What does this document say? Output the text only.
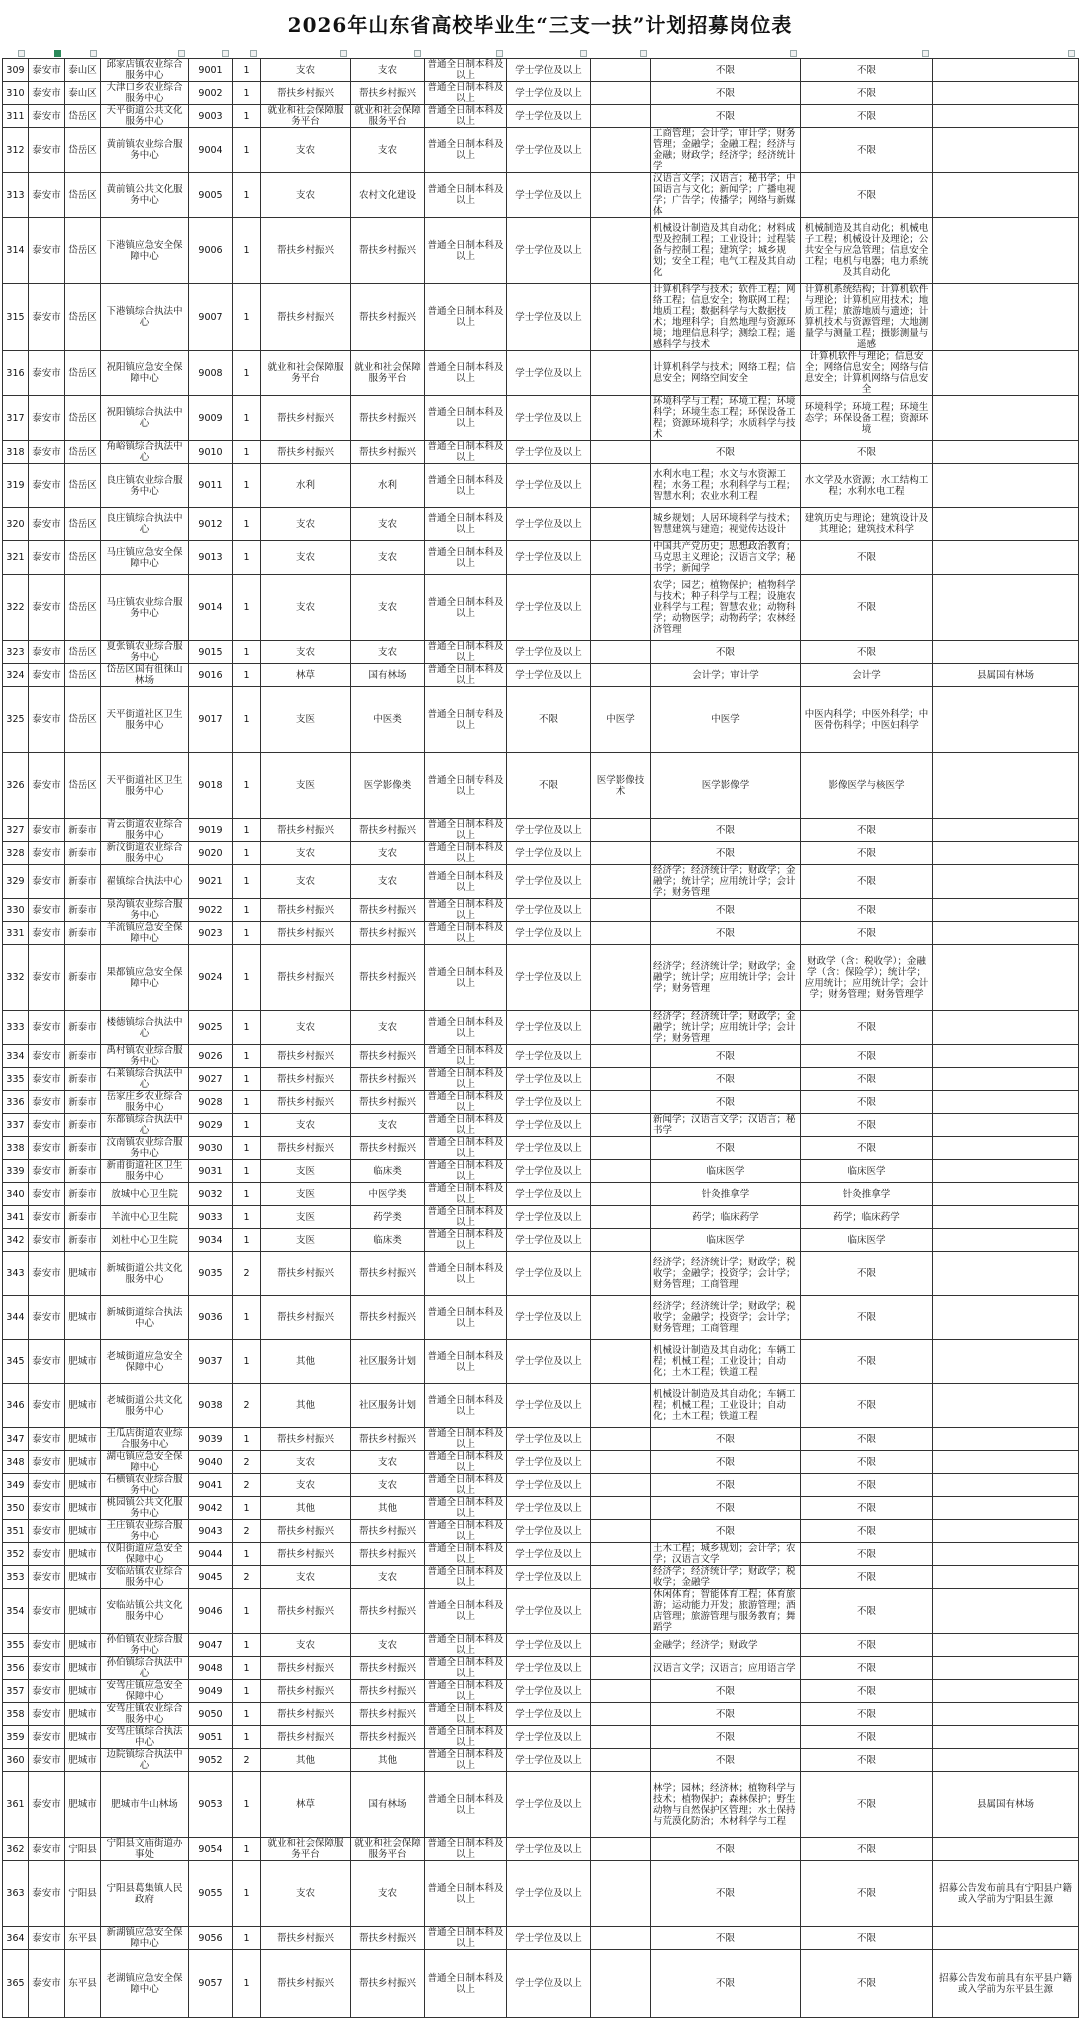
2026年山东省高校毕业生“三支一扶”计划招募岗位表
309	泰安市	泰山区	邱家店镇农业综合服务中心	9001	1	支农	支农	普通全日制本科及以上	学士学位及以上		不限	不限	
310	泰安市	泰山区	大津口乡农业综合服务中心	9002	1	帮扶乡村振兴	帮扶乡村振兴	普通全日制本科及以上	学士学位及以上		不限	不限	
311	泰安市	岱岳区	天平街道公共文化服务中心	9003	1	就业和社会保障服务平台	就业和社会保障服务平台	普通全日制本科及以上	学士学位及以上		不限	不限	
312	泰安市	岱岳区	黄前镇农业综合服务中心	9004	1	支农	支农	普通全日制本科及以上	学士学位及以上		工商管理；会计学；审计学；财务管理；金融学；金融工程；经济与金融；财政学；经济学；经济统计学	不限	
313	泰安市	岱岳区	黄前镇公共文化服务中心	9005	1	支农	农村文化建设	普通全日制本科及以上	学士学位及以上		汉语言文学；汉语言；秘书学；中国语言与文化；新闻学；广播电视学；广告学；传播学；网络与新媒体	不限	
314	泰安市	岱岳区	下港镇应急安全保障中心	9006	1	帮扶乡村振兴	帮扶乡村振兴	普通全日制本科及以上	学士学位及以上		机械设计制造及其自动化；材料成型及控制工程；工业设计；过程装备与控制工程；建筑学；城乡规划；安全工程；电气工程及其自动化	机械制造及其自动化；机械电子工程；机械设计及理论；公共安全与应急管理；信息安全工程；电机与电器；电力系统及其自动化	
315	泰安市	岱岳区	下港镇综合执法中心	9007	1	帮扶乡村振兴	帮扶乡村振兴	普通全日制本科及以上	学士学位及以上		计算机科学与技术；软件工程；网络工程；信息安全；物联网工程；地质工程；数据科学与大数据技术；地理科学；自然地理与资源环境；地理信息科学；测绘工程；遥感科学与技术	计算机系统结构；计算机软件与理论；计算机应用技术；地质工程；旅游地质与遗迹；计算机技术与资源管理；大地测量学与测量工程；摄影测量与遥感	
316	泰安市	岱岳区	祝阳镇应急安全保障中心	9008	1	就业和社会保障服务平台	就业和社会保障服务平台	普通全日制本科及以上	学士学位及以上		计算机科学与技术；网络工程；信息安全；网络空间安全	计算机软件与理论；信息安全；网络信息安全；网络与信息安全；计算机网络与信息安全	
317	泰安市	岱岳区	祝阳镇综合执法中心	9009	1	帮扶乡村振兴	帮扶乡村振兴	普通全日制本科及以上	学士学位及以上		环境科学与工程；环境工程；环境科学；环境生态工程；环保设备工程；资源环境科学；水质科学与技术	环境科学；环境工程；环境生态学；环保设备工程；资源环境	
318	泰安市	岱岳区	角峪镇综合执法中心	9010	1	帮扶乡村振兴	帮扶乡村振兴	普通全日制本科及以上	学士学位及以上		不限	不限	
319	泰安市	岱岳区	良庄镇农业综合服务中心	9011	1	水利	水利	普通全日制本科及以上	学士学位及以上		水利水电工程；水文与水资源工程；水务工程；水利科学与工程；智慧水利；农业水利工程	水文学及水资源；水工结构工程；水利水电工程	
320	泰安市	岱岳区	良庄镇综合执法中心	9012	1	支农	支农	普通全日制本科及以上	学士学位及以上		城乡规划；人居环境科学与技术；智慧建筑与建造；视觉传达设计	建筑历史与理论；建筑设计及其理论；建筑技术科学	
321	泰安市	岱岳区	马庄镇应急安全保障中心	9013	1	支农	支农	普通全日制本科及以上	学士学位及以上		中国共产党历史；思想政治教育；马克思主义理论；汉语言文学；秘书学；新闻学	不限	
322	泰安市	岱岳区	马庄镇农业综合服务中心	9014	1	支农	支农	普通全日制本科及以上	学士学位及以上		农学；园艺；植物保护；植物科学与技术；种子科学与工程；设施农业科学与工程；智慧农业；动物科学；动物医学；动物药学；农林经济管理	不限	
323	泰安市	岱岳区	夏张镇农业综合服务中心	9015	1	支农	支农	普通全日制本科及以上	学士学位及以上		不限	不限	
324	泰安市	岱岳区	岱岳区国有徂徕山林场	9016	1	林草	国有林场	普通全日制本科及以上	学士学位及以上		会计学；审计学	会计学	县属国有林场
325	泰安市	岱岳区	天平街道社区卫生服务中心	9017	1	支医	中医类	普通全日制专科及以上	不限	中医学	中医学	中医内科学；中医外科学；中医骨伤科学；中医妇科学	
326	泰安市	岱岳区	天平街道社区卫生服务中心	9018	1	支医	医学影像类	普通全日制专科及以上	不限	医学影像技术	医学影像学	影像医学与核医学	
327	泰安市	新泰市	青云街道农业综合服务中心	9019	1	帮扶乡村振兴	帮扶乡村振兴	普通全日制本科及以上	学士学位及以上		不限	不限	
328	泰安市	新泰市	新汶街道农业综合服务中心	9020	1	支农	支农	普通全日制本科及以上	学士学位及以上		不限	不限	
329	泰安市	新泰市	翟镇综合执法中心	9021	1	支农	支农	普通全日制本科及以上	学士学位及以上		经济学；经济统计学；财政学；金融学；统计学；应用统计学；会计学；财务管理	不限	
330	泰安市	新泰市	泉沟镇农业综合服务中心	9022	1	帮扶乡村振兴	帮扶乡村振兴	普通全日制本科及以上	学士学位及以上		不限	不限	
331	泰安市	新泰市	羊流镇应急安全保障中心	9023	1	帮扶乡村振兴	帮扶乡村振兴	普通全日制本科及以上	学士学位及以上		不限	不限	
332	泰安市	新泰市	果都镇应急安全保障中心	9024	1	帮扶乡村振兴	帮扶乡村振兴	普通全日制本科及以上	学士学位及以上		经济学；经济统计学；财政学；金融学；统计学；应用统计学；会计学；财务管理	财政学（含：税收学）；金融学（含：保险学）；统计学；应用统计；应用统计学；会计学；财务管理；财务管理学	
333	泰安市	新泰市	楼德镇综合执法中心	9025	1	支农	支农	普通全日制本科及以上	学士学位及以上		经济学；经济统计学；财政学；金融学；统计学；应用统计学；会计学；财务管理	不限	
334	泰安市	新泰市	禹村镇农业综合服务中心	9026	1	帮扶乡村振兴	帮扶乡村振兴	普通全日制本科及以上	学士学位及以上		不限	不限	
335	泰安市	新泰市	石莱镇综合执法中心	9027	1	帮扶乡村振兴	帮扶乡村振兴	普通全日制本科及以上	学士学位及以上		不限	不限	
336	泰安市	新泰市	岳家庄乡农业综合服务中心	9028	1	帮扶乡村振兴	帮扶乡村振兴	普通全日制本科及以上	学士学位及以上		不限	不限	
337	泰安市	新泰市	东都镇综合执法中心	9029	1	支农	支农	普通全日制本科及以上	学士学位及以上		新闻学；汉语言文学；汉语言；秘书学	不限	
338	泰安市	新泰市	汶南镇农业综合服务中心	9030	1	帮扶乡村振兴	帮扶乡村振兴	普通全日制本科及以上	学士学位及以上		不限	不限	
339	泰安市	新泰市	新甫街道社区卫生服务中心	9031	1	支医	临床类	普通全日制本科及以上	学士学位及以上		临床医学	临床医学	
340	泰安市	新泰市	放城中心卫生院	9032	1	支医	中医学类	普通全日制本科及以上	学士学位及以上		针灸推拿学	针灸推拿学	
341	泰安市	新泰市	羊流中心卫生院	9033	1	支医	药学类	普通全日制本科及以上	学士学位及以上		药学；临床药学	药学；临床药学	
342	泰安市	新泰市	刘杜中心卫生院	9034	1	支医	临床类	普通全日制本科及以上	学士学位及以上		临床医学	临床医学	
343	泰安市	肥城市	新城街道公共文化服务中心	9035	2	帮扶乡村振兴	帮扶乡村振兴	普通全日制本科及以上	学士学位及以上		经济学；经济统计学；财政学；税收学；金融学；投资学；会计学；财务管理；工商管理	不限	
344	泰安市	肥城市	新城街道综合执法中心	9036	1	帮扶乡村振兴	帮扶乡村振兴	普通全日制本科及以上	学士学位及以上		经济学；经济统计学；财政学；税收学；金融学；投资学；会计学；财务管理；工商管理	不限	
345	泰安市	肥城市	老城街道应急安全保障中心	9037	1	其他	社区服务计划	普通全日制本科及以上	学士学位及以上		机械设计制造及其自动化；车辆工程；机械工程；工业设计；自动化；土木工程；铁道工程	不限	
346	泰安市	肥城市	老城街道公共文化服务中心	9038	2	其他	社区服务计划	普通全日制本科及以上	学士学位及以上		机械设计制造及其自动化；车辆工程；机械工程；工业设计；自动化；土木工程；铁道工程	不限	
347	泰安市	肥城市	王瓜店街道农业综合服务中心	9039	1	帮扶乡村振兴	帮扶乡村振兴	普通全日制本科及以上	学士学位及以上		不限	不限	
348	泰安市	肥城市	湖屯镇应急安全保障中心	9040	2	支农	支农	普通全日制本科及以上	学士学位及以上		不限	不限	
349	泰安市	肥城市	石横镇农业综合服务中心	9041	2	支农	支农	普通全日制本科及以上	学士学位及以上		不限	不限	
350	泰安市	肥城市	桃园镇公共文化服务中心	9042	1	其他	其他	普通全日制本科及以上	学士学位及以上		不限	不限	
351	泰安市	肥城市	王庄镇农业综合服务中心	9043	2	帮扶乡村振兴	帮扶乡村振兴	普通全日制本科及以上	学士学位及以上		不限	不限	
352	泰安市	肥城市	仪阳街道应急安全保障中心	9044	1	帮扶乡村振兴	帮扶乡村振兴	普通全日制本科及以上	学士学位及以上		土木工程；城乡规划；会计学；农学；汉语言文学	不限	
353	泰安市	肥城市	安临站镇农业综合服务中心	9045	2	支农	支农	普通全日制本科及以上	学士学位及以上		经济学；经济统计学；财政学；税收学；金融学	不限	
354	泰安市	肥城市	安临站镇公共文化服务中心	9046	1	帮扶乡村振兴	帮扶乡村振兴	普通全日制本科及以上	学士学位及以上		休闲体育；智能体育工程；体育旅游；运动能力开发；旅游管理；酒店管理；旅游管理与服务教育；舞蹈学	不限	
355	泰安市	肥城市	孙伯镇农业综合服务中心	9047	1	支农	支农	普通全日制本科及以上	学士学位及以上		金融学；经济学；财政学	不限	
356	泰安市	肥城市	孙伯镇综合执法中心	9048	1	帮扶乡村振兴	帮扶乡村振兴	普通全日制本科及以上	学士学位及以上		汉语言文学；汉语言；应用语言学	不限	
357	泰安市	肥城市	安驾庄镇应急安全保障中心	9049	1	帮扶乡村振兴	帮扶乡村振兴	普通全日制本科及以上	学士学位及以上		不限	不限	
358	泰安市	肥城市	安驾庄镇农业综合服务中心	9050	1	帮扶乡村振兴	帮扶乡村振兴	普通全日制本科及以上	学士学位及以上		不限	不限	
359	泰安市	肥城市	安驾庄镇综合执法中心	9051	1	帮扶乡村振兴	帮扶乡村振兴	普通全日制本科及以上	学士学位及以上		不限	不限	
360	泰安市	肥城市	边院镇综合执法中心	9052	2	其他	其他	普通全日制本科及以上	学士学位及以上		不限	不限	
361	泰安市	肥城市	肥城市牛山林场	9053	1	林草	国有林场	普通全日制本科及以上	学士学位及以上		林学；园林；经济林；植物科学与技术；植物保护；森林保护；野生动物与自然保护区管理；水土保持与荒漠化防治；木材科学与工程	不限	县属国有林场
362	泰安市	宁阳县	宁阳县文庙街道办事处	9054	1	就业和社会保障服务平台	就业和社会保障服务平台	普通全日制本科及以上	学士学位及以上		不限	不限	
363	泰安市	宁阳县	宁阳县葛集镇人民政府	9055	1	支农	支农	普通全日制本科及以上	学士学位及以上		不限	不限	招募公告发布前具有宁阳县户籍或入学前为宁阳县生源
364	泰安市	东平县	新湖镇应急安全保障中心	9056	1	帮扶乡村振兴	帮扶乡村振兴	普通全日制本科及以上	学士学位及以上		不限	不限	
365	泰安市	东平县	老湖镇应急安全保障中心	9057	1	帮扶乡村振兴	帮扶乡村振兴	普通全日制本科及以上	学士学位及以上		不限	不限	招募公告发布前具有东平县户籍或入学前为东平县生源
